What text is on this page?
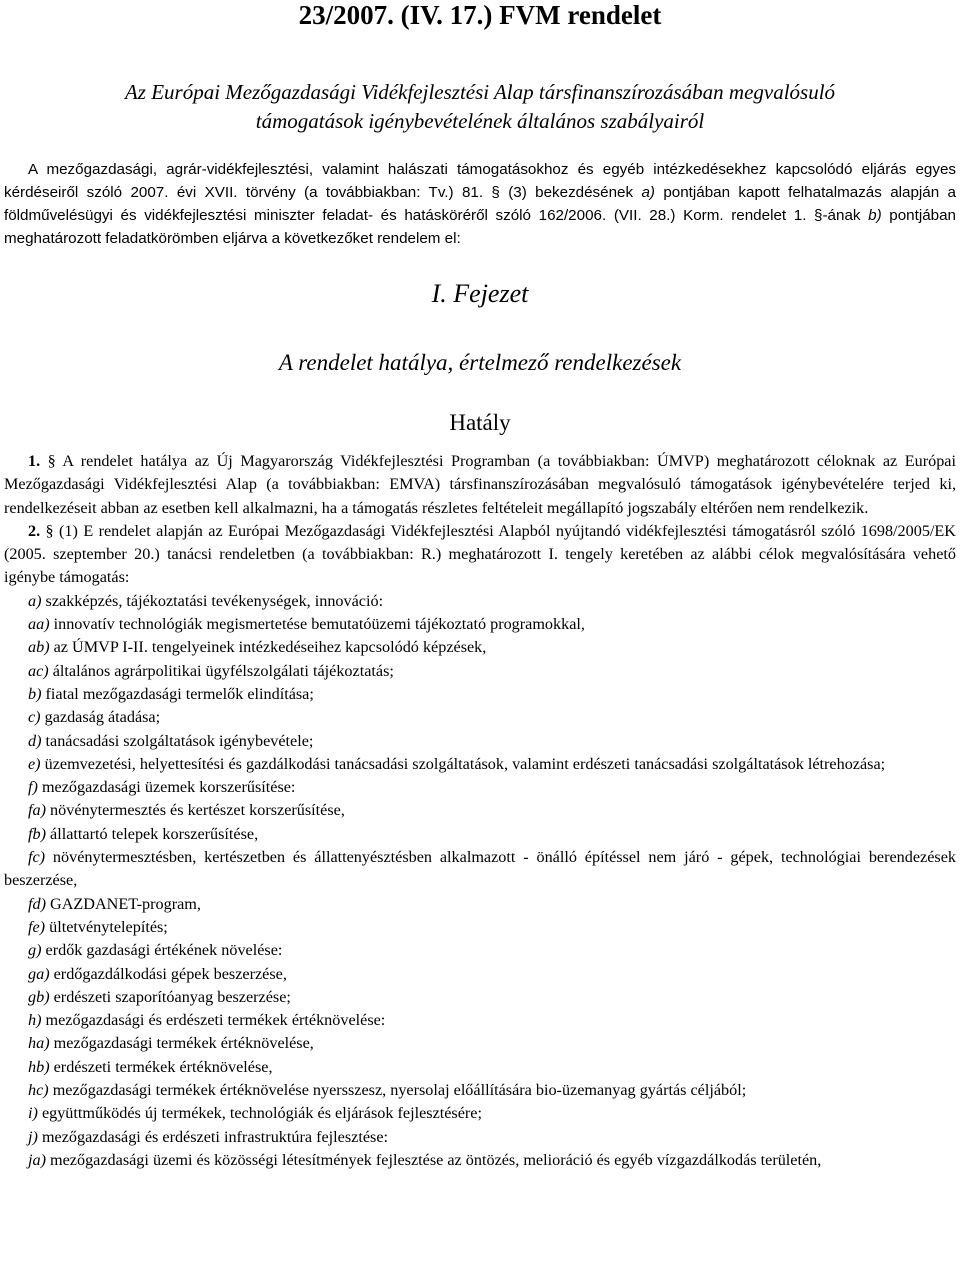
23/2007. (IV. 17.) FVM rendelet
Az Európai Mezőgazdasági Vidékfejlesztési Alap társfinanszírozásában megvalósuló
támogatások igénybevételének általános szabályairól

A mezőgazdasági, agrár-vidékfejlesztési, valamint halászati támogatásokhoz és egyéb intézkedésekhez kapcsolódó eljárás egyes kérdéseiről szóló 2007. évi XVII. törvény (a továbbiakban: Tv.) 81. § (3) bekezdésének a) pontjában kapott felhatalmazás alapján a földművelésügyi és vidékfejlesztési miniszter feladat- és hatásköréről szóló 162/2006. (VII. 28.) Korm. rendelet 1. §-ának b) pontjában meghatározott feladatkörömben eljárva a következőket rendelem el:

I. Fejezet
A rendelet hatálya, értelmező rendelkezések
Hatály

1. § A rendelet hatálya az Új Magyarország Vidékfejlesztési Programban (a továbbiakban: ÚMVP) meghatározott céloknak az Európai Mezőgazdasági Vidékfejlesztési Alap (a továbbiakban: EMVA) társfinanszírozásában megvalósuló támogatások igénybevételére terjed ki, rendelkezéseit abban az esetben kell alkalmazni, ha a támogatás részletes feltételeit megállapító jogszabály eltérően nem rendelkezik.

2. § (1) E rendelet alapján az Európai Mezőgazdasági Vidékfejlesztési Alapból nyújtandó vidékfejlesztési támogatásról szóló 1698/2005/EK (2005. szeptember 20.) tanácsi rendeletben (a továbbiakban: R.) meghatározott I. tengely keretében az alábbi célok megvalósítására vehető igénybe támogatás:

a) szakképzés, tájékoztatási tevékenységek, innováció:

aa) innovatív technológiák megismertetése bemutatóüzemi tájékoztató programokkal,

ab) az ÚMVP I-II. tengelyeinek intézkedéseihez kapcsolódó képzések,

ac) általános agrárpolitikai ügyfélszolgálati tájékoztatás;

b) fiatal mezőgazdasági termelők elindítása;

c) gazdaság átadása;

d) tanácsadási szolgáltatások igénybevétele;

e) üzemvezetési, helyettesítési és gazdálkodási tanácsadási szolgáltatások, valamint erdészeti tanácsadási szolgáltatások létrehozása;

f) mezőgazdasági üzemek korszerűsítése:

fa) növénytermesztés és kertészet korszerűsítése,

fb) állattartó telepek korszerűsítése,

fc) növénytermesztésben, kertészetben és állattenyésztésben alkalmazott - önálló építéssel nem járó - gépek, technológiai berendezések beszerzése,

fd) GAZDANET-program,

fe) ültetvénytelepítés;

g) erdők gazdasági értékének növelése:

ga) erdőgazdálkodási gépek beszerzése,

gb) erdészeti szaporítóanyag beszerzése;

h) mezőgazdasági és erdészeti termékek értéknövelése:

ha) mezőgazdasági termékek értéknövelése,

hb) erdészeti termékek értéknövelése,

hc) mezőgazdasági termékek értéknövelése nyersszesz, nyersolaj előállítására bio-üzemanyag gyártás céljából;

i) együttműködés új termékek, technológiák és eljárások fejlesztésére;

j) mezőgazdasági és erdészeti infrastruktúra fejlesztése:

ja) mezőgazdasági üzemi és közösségi létesítmények fejlesztése az öntözés, melioráció és egyéb vízgazdálkodás területén,
